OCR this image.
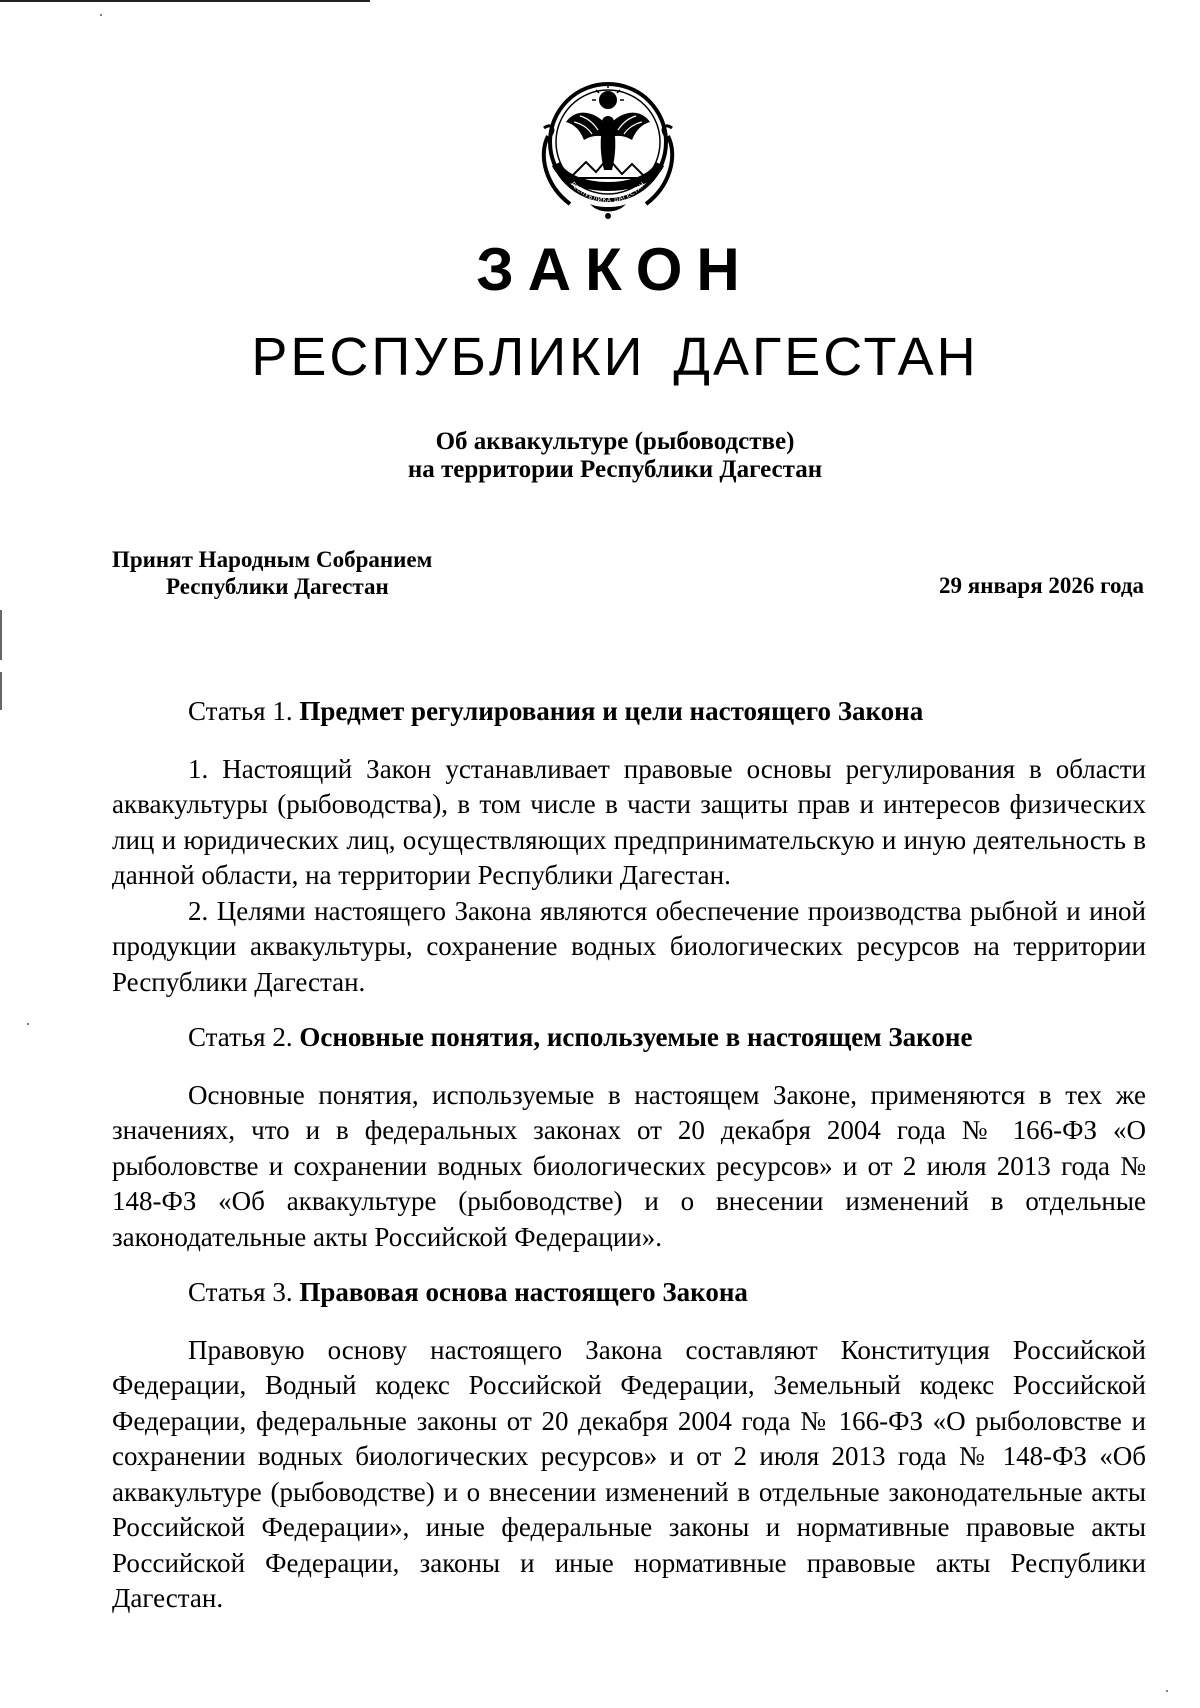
РЕСПУБЛИКА ДАГЕСТАН
ЗАКОН
РЕСПУБЛИКИ ДАГЕСТАН
Об аквакультуре (рыбоводстве)
на территории Республики Дагестан
Принят Народным Собранием
Республики Дагестан	29 января 2026 года

Статья 1. Предмет регулирования и цели настоящего Закона

1. Настоящий Закон устанавливает правовые основы регулирования в области аквакультуры (рыбоводства), в том числе в части защиты прав и интересов физических лиц и юридических лиц, осуществляющих предпринимательскую и иную деятельность в данной области, на территории Республики Дагестан.

2. Целями настоящего Закона являются обеспечение производства рыбной и иной продукции аквакультуры, сохранение водных биологических ресурсов на территории Республики Дагестан.

Статья 2. Основные понятия, используемые в настоящем Законе

Основные понятия, используемые в настоящем Законе, применяются в тех же значениях, что и в федеральных законах от 20 декабря 2004 года № 166-ФЗ «О рыболовстве и сохранении водных биологических ресурсов» и от 2 июля 2013 года № 148-ФЗ «Об аквакультуре (рыбоводстве) и о внесении изменений в отдельные законодательные акты Российской Федерации».

Статья 3. Правовая основа настоящего Закона

Правовую основу настоящего Закона составляют Конституция Российской Федерации, Водный кодекс Российской Федерации, Земельный кодекс Российской Федерации, федеральные законы от 20 декабря 2004 года № 166-ФЗ «О рыболовстве и сохранении водных биологических ресурсов» и от 2 июля 2013 года № 148-ФЗ «Об аквакультуре (рыбоводстве) и о внесении изменений в отдельные законодательные акты Российской Федерации», иные федеральные законы и нормативные правовые акты Российской Федерации, законы и иные нормативные правовые акты Республики Дагестан.
